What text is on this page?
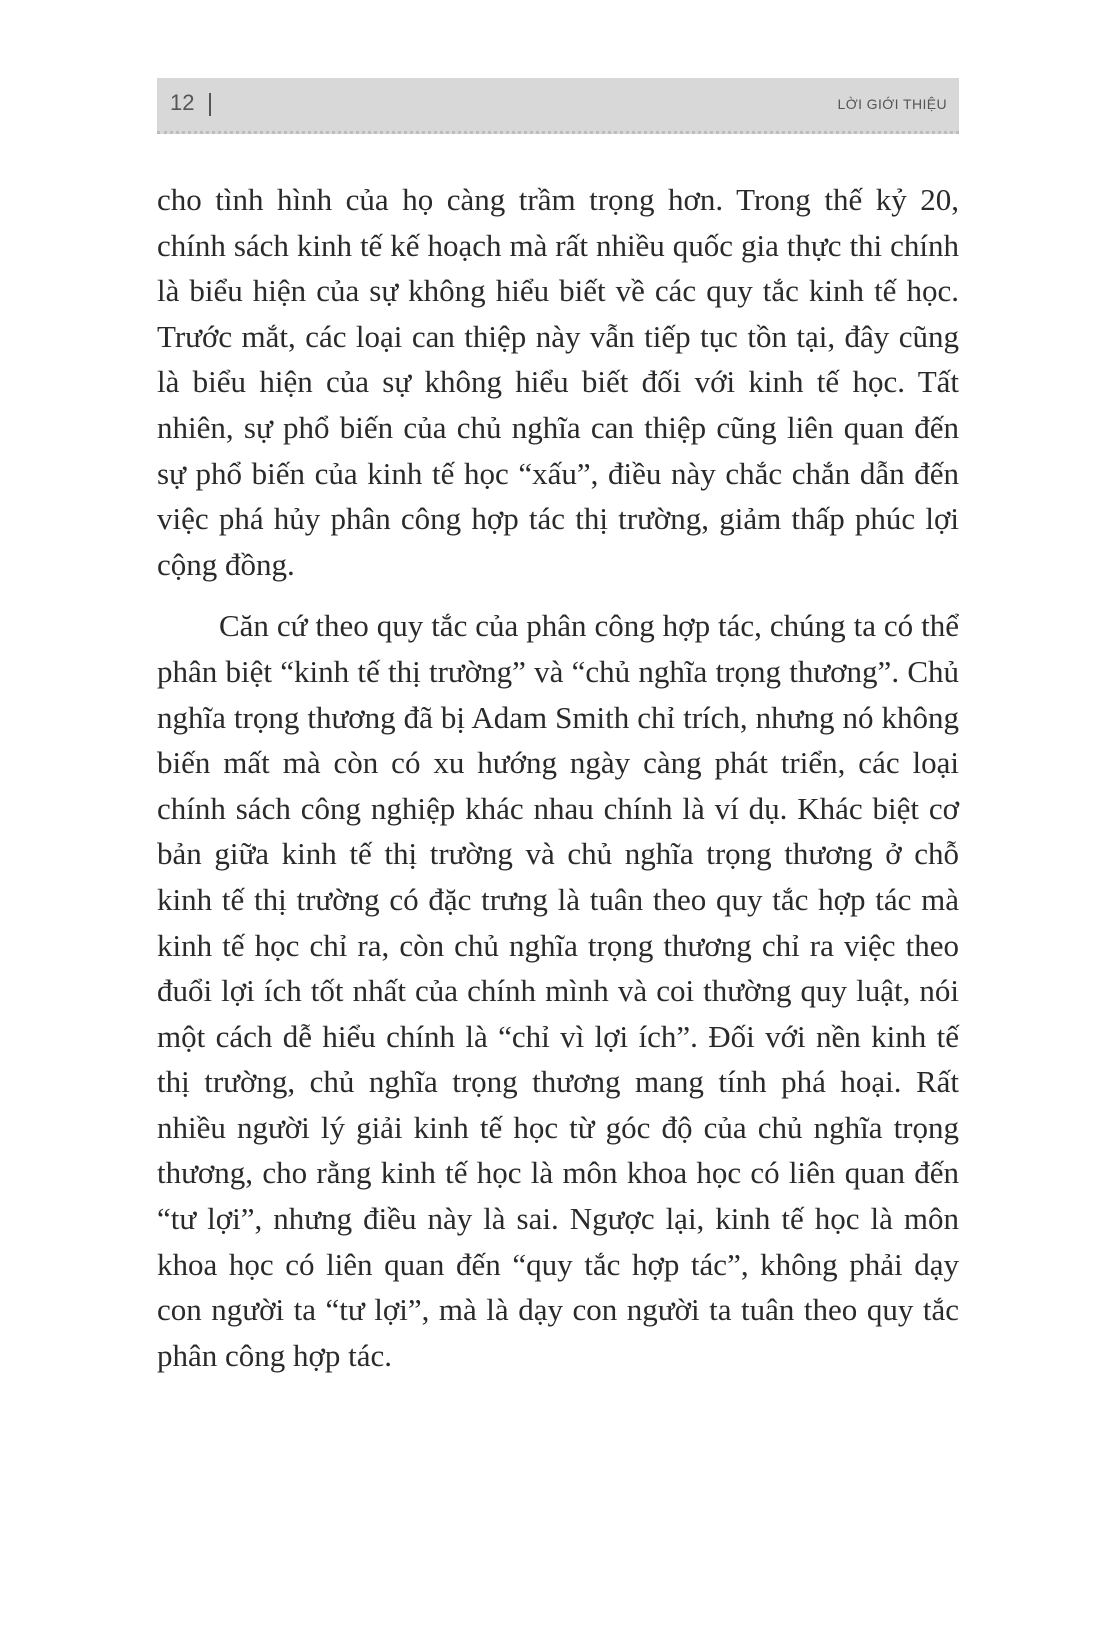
12	LỜI GIỚI THIỆU

cho tình hình của họ càng trầm trọng hơn. Trong thế kỷ 20, chính sách kinh tế kế hoạch mà rất nhiều quốc gia thực thi chính là biểu hiện của sự không hiểu biết về các quy tắc kinh tế học. Trước mắt, các loại can thiệp này vẫn tiếp tục tồn tại, đây cũng là biểu hiện của sự không hiểu biết đối với kinh tế học. Tất nhiên, sự phổ biến của chủ nghĩa can thiệp cũng liên quan đến sự phổ biến của kinh tế học “xấu”, điều này chắc chắn dẫn đến việc phá hủy phân công hợp tác thị trường, giảm thấp phúc lợi cộng đồng.

Căn cứ theo quy tắc của phân công hợp tác, chúng ta có thể phân biệt “kinh tế thị trường” và “chủ nghĩa trọng thương”. Chủ nghĩa trọng thương đã bị Adam Smith chỉ trích, nhưng nó không biến mất mà còn có xu hướng ngày càng phát triển, các loại chính sách công nghiệp khác nhau chính là ví dụ. Khác biệt cơ bản giữa kinh tế thị trường và chủ nghĩa trọng thương ở chỗ kinh tế thị trường có đặc trưng là tuân theo quy tắc hợp tác mà kinh tế học chỉ ra, còn chủ nghĩa trọng thương chỉ ra việc theo đuổi lợi ích tốt nhất của chính mình và coi thường quy luật, nói một cách dễ hiểu chính là “chỉ vì lợi ích”. Đối với nền kinh tế thị trường, chủ nghĩa trọng thương mang tính phá hoại. Rất nhiều người lý giải kinh tế học từ góc độ của chủ nghĩa trọng thương, cho rằng kinh tế học là môn khoa học có liên quan đến “tư lợi”, nhưng điều này là sai. Ngược lại, kinh tế học là môn khoa học có liên quan đến “quy tắc hợp tác”, không phải dạy con người ta “tư lợi”, mà là dạy con người ta tuân theo quy tắc phân công hợp tác.
